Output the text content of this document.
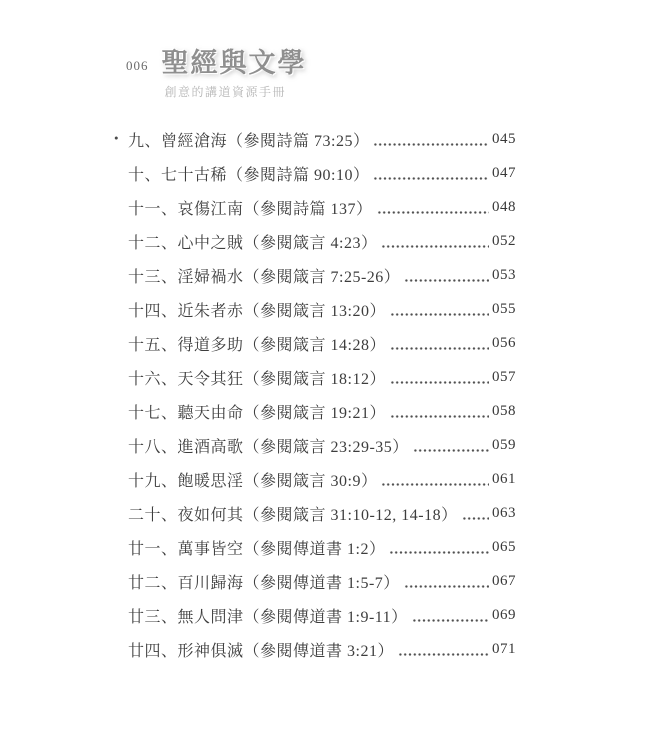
006 聖經與文學
創意的講道資源手冊
• 九、曾經滄海（參閱詩篇 73:25）	045
十、七十古稀（參閱詩篇 90:10）	047
十一、哀傷江南（參閱詩篇 137）	048
十二、心中之賊（參閱箴言 4:23）	052
十三、淫婦禍水（參閱箴言 7:25-26）	053
十四、近朱者赤（參閱箴言 13:20）	055
十五、得道多助（參閱箴言 14:28）	056
十六、天令其狂（參閱箴言 18:12）	057
十七、聽天由命（參閱箴言 19:21）	058
十八、進酒高歌（參閱箴言 23:29-35）	059
十九、飽暖思淫（參閱箴言 30:9）	061
二十、夜如何其（參閱箴言 31:10-12, 14-18） 063
廿一、萬事皆空（參閱傳道書 1:2）	065
廿二、百川歸海（參閱傳道書 1:5-7）	067
廿三、無人問津（參閱傳道書 1:9-11）	069
廿四、形神俱滅（參閱傳道書 3:21）	071
